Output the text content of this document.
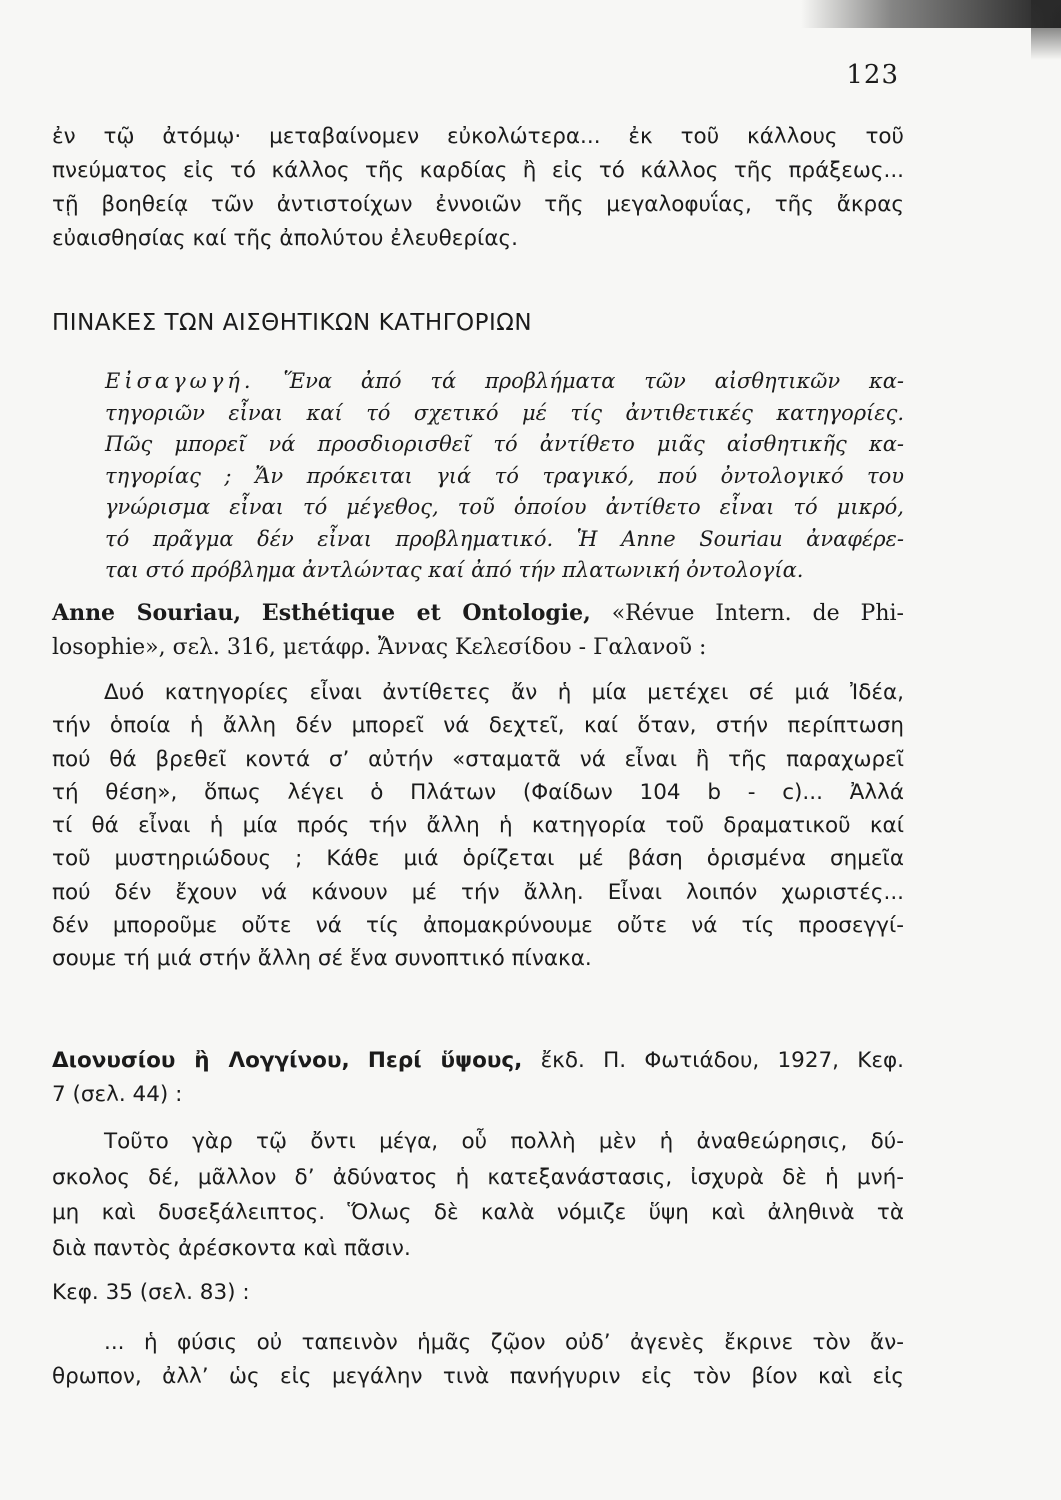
123
ἐν τῷ ἀτόμῳ· μεταβαίνομεν εὐκολώτερα... ἐκ τοῦ κάλλους τοῦ
πνεύματος εἰς τό κάλλος τῆς καρδίας ἢ εἰς τό κάλλος τῆς πράξεως...
τῇ βοηθείᾳ τῶν ἀντιστοίχων ἐννοιῶν τῆς μεγαλοφυΐας, τῆς ἄκρας
εὐαισθησίας καί τῆς ἀπολύτου ἐλευθερίας.
ΠΙΝΑΚΕΣ ΤΩΝ ΑΙΣΘΗΤΙΚΩΝ ΚΑΤΗΓΟΡΙΩΝ
Εἰσαγωγή. Ἕνα ἀπό τά προβλήματα τῶν αἰσθητικῶν κα-
τηγοριῶν εἶναι καί τό σχετικό μέ τίς ἀντιθετικές κατηγορίες.
Πῶς μπορεῖ νά προσδιορισθεῖ τό ἀντίθετο μιᾶς αἰσθητικῆς κα-
τηγορίας ; Ἄν πρόκειται γιά τό τραγικό, πού ὀντολογικό του
γνώρισμα εἶναι τό μέγεθος, τοῦ ὁποίου ἀντίθετο εἶναι τό μικρό,
τό πρᾶγμα δέν εἶναι προβληματικό. Ἡ Anne Souriau ἀναφέρε-
ται στό πρόβλημα ἀντλώντας καί ἀπό τήν πλατωνική ὀντολογία.
Anne Souriau, Esthétique et Ontologie, «Révue Intern. de Phi-
losophie», σελ. 316, μετάφρ. Ἄννας Κελεσίδου - Γαλανοῦ :
Δυό κατηγορίες εἶναι ἀντίθετες ἄν ἡ μία μετέχει σέ μιά Ἰδέα,
τήν ὁποία ἡ ἄλλη δέν μπορεῖ νά δεχτεῖ, καί ὅταν, στήν περίπτωση
πού θά βρεθεῖ κοντά σ’ αὐτήν «σταματᾶ νά εἶναι ἢ τῆς παραχωρεῖ
τή θέση», ὅπως λέγει ὁ Πλάτων (Φαίδων 104 b - c)... Ἀλλά
τί θά εἶναι ἡ μία πρός τήν ἄλλη ἡ κατηγορία τοῦ δραματικοῦ καί
τοῦ μυστηριώδους ; Κάθε μιά ὁρίζεται μέ βάση ὁρισμένα σημεῖα
πού δέν ἔχουν νά κάνουν μέ τήν ἄλλη. Εἶναι λοιπόν χωριστές...
δέν μποροῦμε οὔτε νά τίς ἀπομακρύνουμε οὔτε νά τίς προσεγγί-
σουμε τή μιά στήν ἄλλη σέ ἕνα συνοπτικό πίνακα.
Διονυσίου ἢ Λογγίνου, Περί ὕψους, ἔκδ. Π. Φωτιάδου, 1927, Κεφ.
7 (σελ. 44) :
Τοῦτο γὰρ τῷ ὄντι μέγα, οὗ πολλὴ μὲν ἡ ἀναθεώρησις, δύ-
σκολος δέ, μᾶλλον δ’ ἀδύνατος ἡ κατεξανάστασις, ἰσχυρὰ δὲ ἡ μνή-
μη καὶ δυσεξάλειπτος. Ὅλως δὲ καλὰ νόμιζε ὕψη καὶ ἀληθινὰ τὰ
διὰ παντὸς ἀρέσκοντα καὶ πᾶσιν.
Κεφ. 35 (σελ. 83) :
... ἡ φύσις οὐ ταπεινὸν ἡμᾶς ζῷον οὐδ’ ἀγενὲς ἔκρινε τὸν ἄν-
θρωπον, ἀλλ’ ὡς εἰς μεγάλην τινὰ πανήγυριν εἰς τὸν βίον καὶ εἰς
